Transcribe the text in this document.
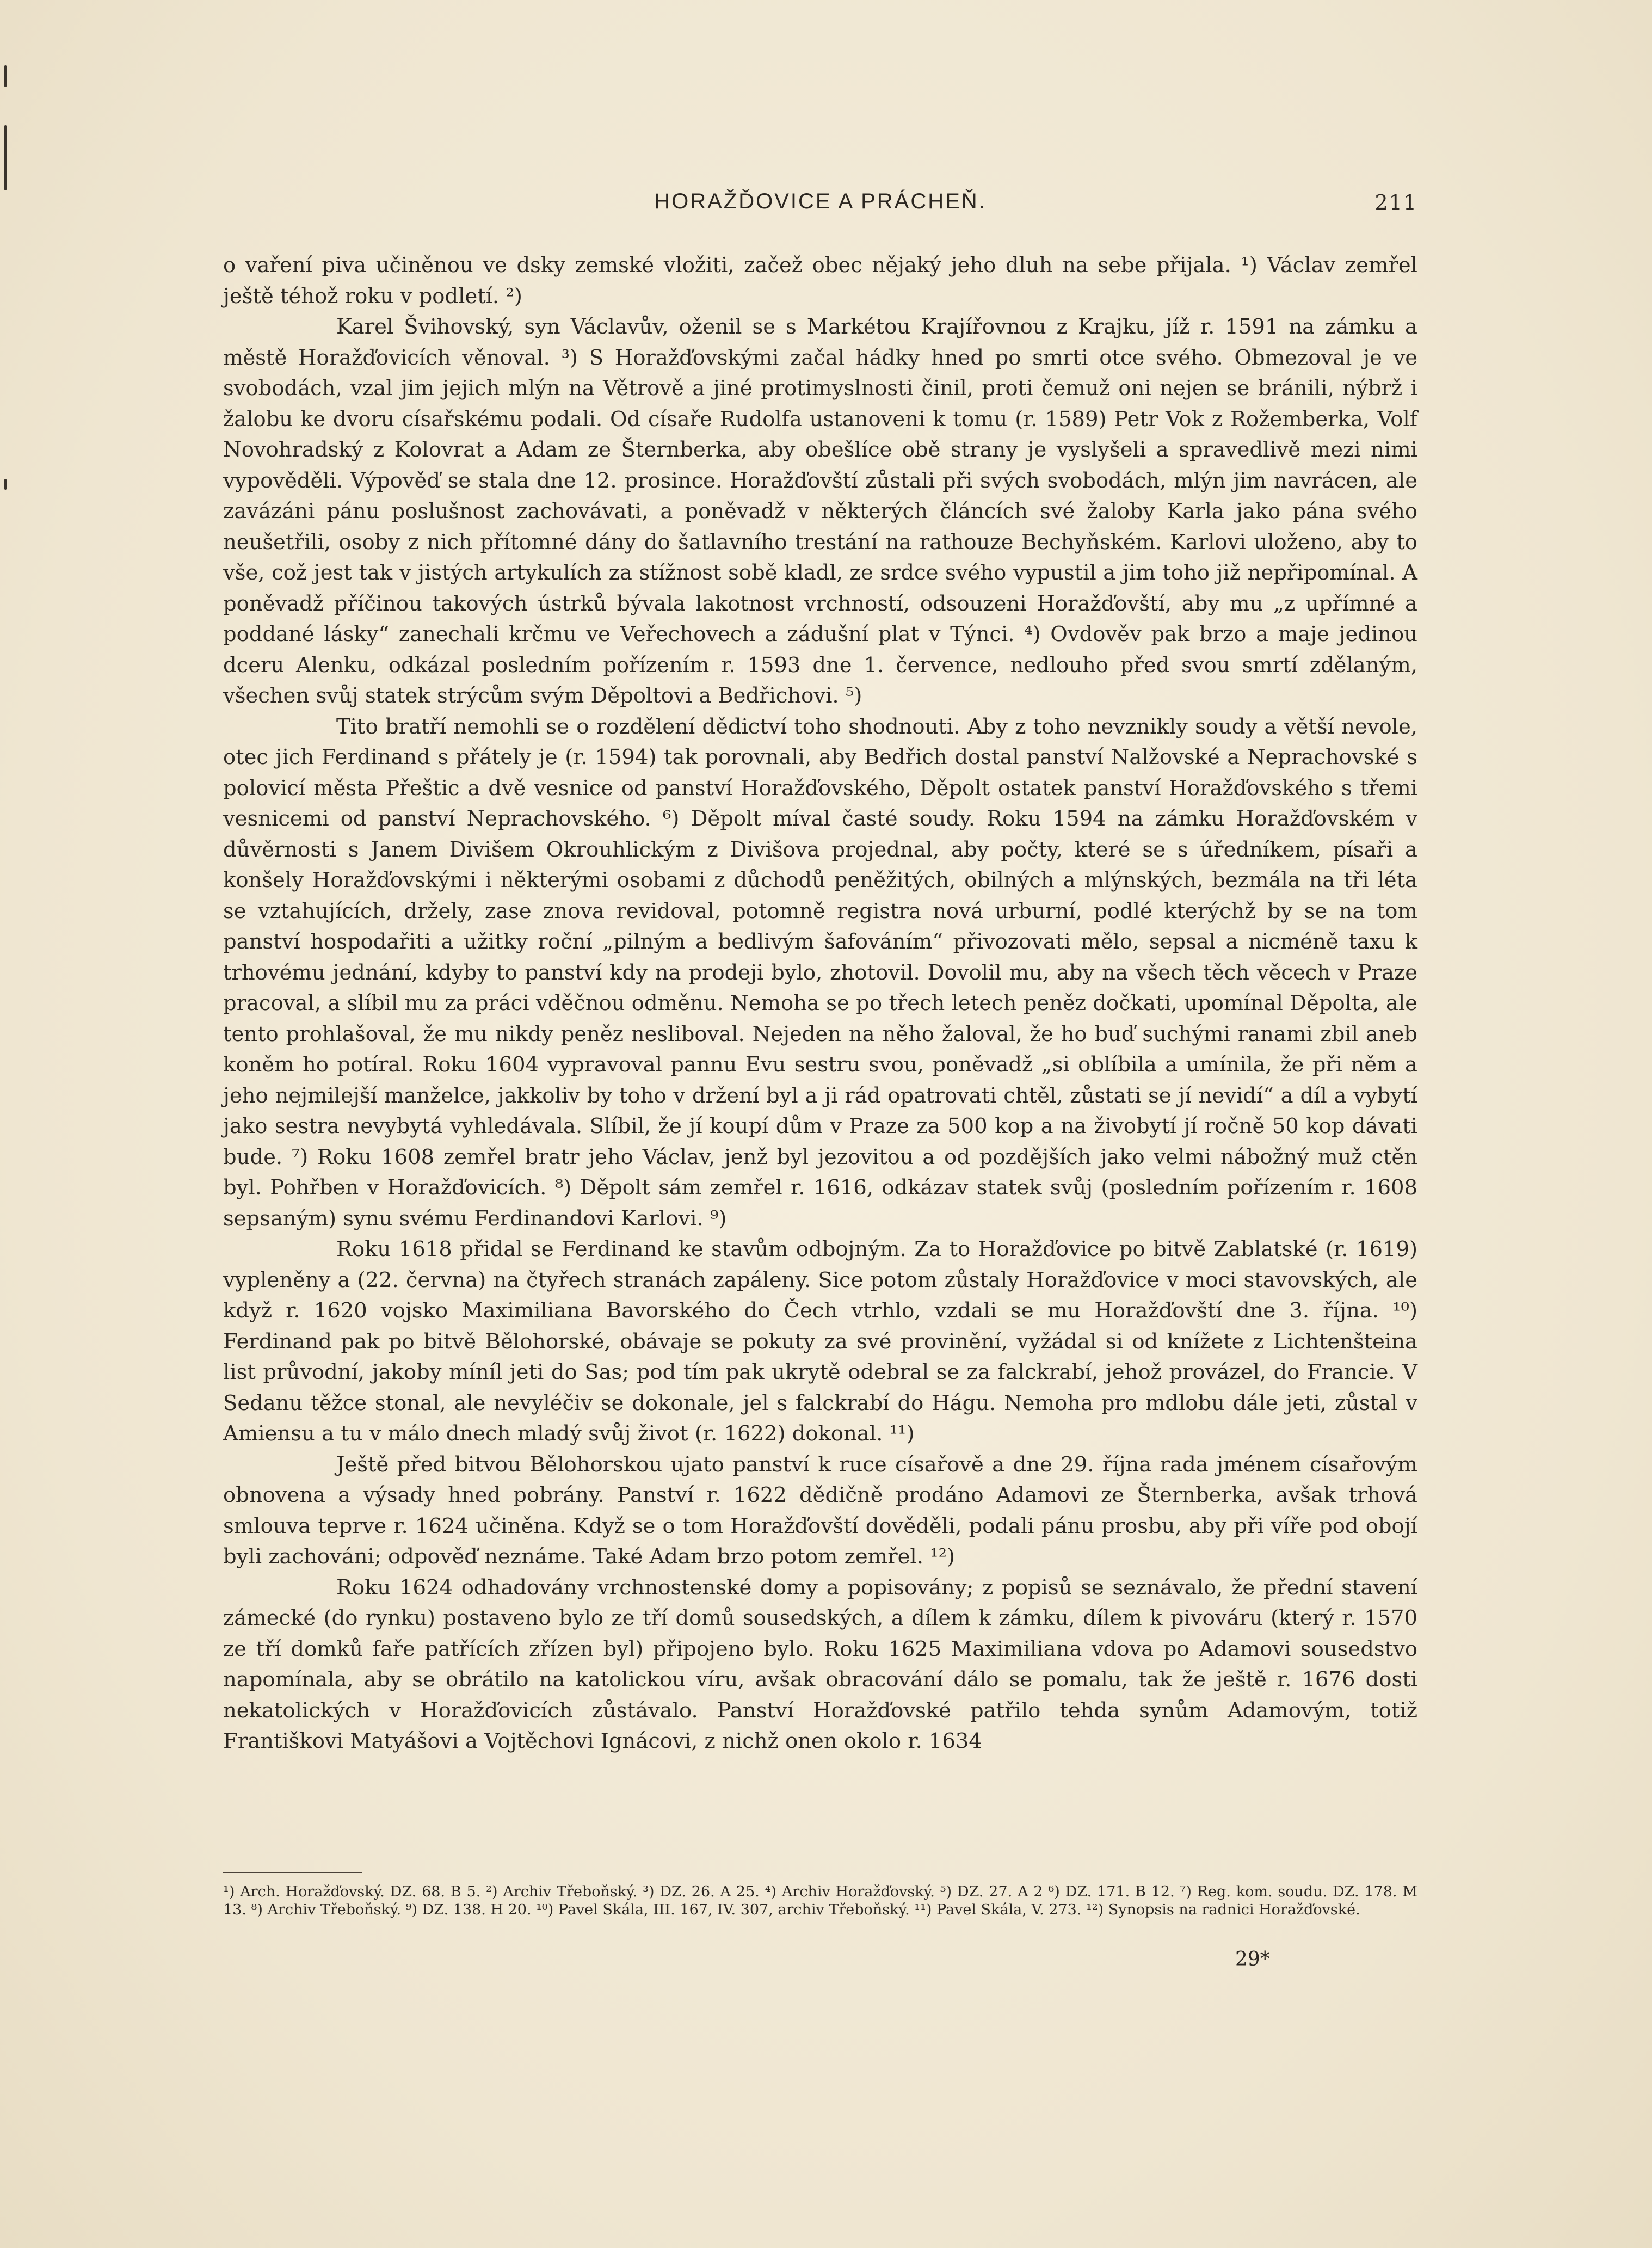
HORAŽĎOVICE A PRÁCHEŇ.	211

o vaření piva učiněnou ve dsky zemské vložiti, začež obec nějaký jeho dluh na sebe přijala. ¹) Václav zemřel ještě téhož roku v podletí. ²)

Karel Švihovský, syn Václavův, oženil se s Markétou Krajířovnou z Krajku, jíž r. 1591 na zámku a městě Horažďovicích věnoval. ³) S Horažďovskými začal hádky hned po smrti otce svého. Obmezoval je ve svobodách, vzal jim jejich mlýn na Větrově a jiné protimyslnosti činil, proti čemuž oni nejen se bránili, nýbrž i žalobu ke dvoru císařskému podali. Od císaře Rudolfa ustanoveni k tomu (r. 1589) Petr Vok z Rožemberka, Volf Novohradský z Kolovrat a Adam ze Šternberka, aby obešlíce obě strany je vyslyšeli a spravedlivě mezi nimi vypověděli. Výpověď se stala dne 12. prosince. Horažďovští zůstali při svých svobodách, mlýn jim navrácen, ale zavázáni pánu poslušnost zachovávati, a poněvadž v některých článcích své žaloby Karla jako pána svého neušetřili, osoby z nich přítomné dány do šatlavního trestání na rathouze Bechyňském. Karlovi uloženo, aby to vše, což jest tak v jistých artykulích za stížnost sobě kladl, ze srdce svého vypustil a jim toho již nepřipomínal. A poněvadž příčinou takových ústrků bývala lakotnost vrchností, odsouzeni Horažďovští, aby mu „z upřímné a poddané lásky“ zanechali krčmu ve Veřechovech a zádušní plat v Týnci. ⁴) Ovdověv pak brzo a maje jedinou dceru Alenku, odkázal posledním pořízením r. 1593 dne 1. července, nedlouho před svou smrtí zdělaným, všechen svůj statek strýcům svým Děpoltovi a Bedřichovi. ⁵)

Tito bratří nemohli se o rozdělení dědictví toho shodnouti. Aby z toho nevznikly soudy a větší nevole, otec jich Ferdinand s přátely je (r. 1594) tak porovnali, aby Bedřich dostal panství Nalžovské a Neprachovské s polovicí města Přeštic a dvě vesnice od panství Horažďovského, Děpolt ostatek panství Horažďovského s třemi vesnicemi od panství Neprachovského. ⁶) Děpolt míval časté soudy. Roku 1594 na zámku Horažďovském v důvěrnosti s Janem Divišem Okrouhlickým z Divišova projednal, aby počty, které se s úředníkem, písaři a konšely Horažďovskými i některými osobami z důchodů peněžitých, obilných a mlýnských, bezmála na tři léta se vztahujících, držely, zase znova revidoval, potomně registra nová urburní, podlé kterýchž by se na tom panství hospodařiti a užitky roční „pilným a bedlivým šafováním“ přivozovati mělo, sepsal a nicméně taxu k trhovému jednání, kdyby to panství kdy na prodeji bylo, zhotovil. Dovolil mu, aby na všech těch věcech v Praze pracoval, a slíbil mu za práci vděčnou odměnu. Nemoha se po třech letech peněz dočkati, upomínal Děpolta, ale tento prohlašoval, že mu nikdy peněz nesliboval. Nejeden na něho žaloval, že ho buď suchými ranami zbil aneb koněm ho potíral. Roku 1604 vypravoval pannu Evu sestru svou, poněvadž „si oblíbila a umínila, že při něm a jeho nejmilejší manželce, jakkoliv by toho v držení byl a ji rád opatrovati chtěl, zůstati se jí nevidí“ a díl a vybytí jako sestra nevybytá vyhledávala. Slíbil, že jí koupí dům v Praze za 500 kop a na živobytí jí ročně 50 kop dávati bude. ⁷) Roku 1608 zemřel bratr jeho Václav, jenž byl jezovitou a od pozdějších jako velmi nábožný muž ctěn byl. Pohřben v Horažďovicích. ⁸) Děpolt sám zemřel r. 1616, odkázav statek svůj (posledním pořízením r. 1608 sepsaným) synu svému Ferdinandovi Karlovi. ⁹)

Roku 1618 přidal se Ferdinand ke stavům odbojným. Za to Horažďovice po bitvě Zablatské (r. 1619) vypleněny a (22. června) na čtyřech stranách zapáleny. Sice potom zůstaly Horažďovice v moci stavovských, ale když r. 1620 vojsko Maximiliana Bavorského do Čech vtrhlo, vzdali se mu Horažďovští dne 3. října. ¹⁰) Ferdinand pak po bitvě Bělohorské, obávaje se pokuty za své provinění, vyžádal si od knížete z Lichtenšteina list průvodní, jakoby míníl jeti do Sas; pod tím pak ukrytě odebral se za falckrabí, jehož provázel, do Francie. V Sedanu těžce stonal, ale nevyléčiv se dokonale, jel s falckrabí do Hágu. Nemoha pro mdlobu dále jeti, zůstal v Amiensu a tu v málo dnech mladý svůj život (r. 1622) dokonal. ¹¹)

Ještě před bitvou Bělohorskou ujato panství k ruce císařově a dne 29. října rada jménem císařovým obnovena a výsady hned pobrány. Panství r. 1622 dědičně prodáno Adamovi ze Šternberka, avšak trhová smlouva teprve r. 1624 učiněna. Když se o tom Horažďovští dověděli, podali pánu prosbu, aby při víře pod obojí byli zachováni; odpověď neznáme. Také Adam brzo potom zemřel. ¹²)

Roku 1624 odhadovány vrchnostenské domy a popisovány; z popisů se seznávalo, že přední stavení zámecké (do rynku) postaveno bylo ze tří domů sousedských, a dílem k zámku, dílem k pivováru (který r. 1570 ze tří domků faře patřících zřízen byl) připojeno bylo. Roku 1625 Maximiliana vdova po Adamovi sousedstvo napomínala, aby se obrátilo na katolickou víru, avšak obracování dálo se pomalu, tak že ještě r. 1676 dosti nekatolických v Horažďovicích zůstávalo. Panství Horažďovské patřilo tehda synům Adamovým, totiž Františkovi Matyášovi a Vojtěchovi Ignácovi, z nichž onen okolo r. 1634

¹) Arch. Horažďovský. DZ. 68. B 5. ²) Archiv Třeboňský. ³) DZ. 26. A 25. ⁴) Archiv Horažďovský. ⁵) DZ. 27. A 2 ⁶) DZ. 171. B 12. ⁷) Reg. kom. soudu. DZ. 178. M 13. ⁸) Archiv Třeboňský. ⁹) DZ. 138. H 20. ¹⁰) Pavel Skála, III. 167, IV. 307, archiv Třeboňský. ¹¹) Pavel Skála, V. 273. ¹²) Synopsis na radnici Horažďovské.
29*
